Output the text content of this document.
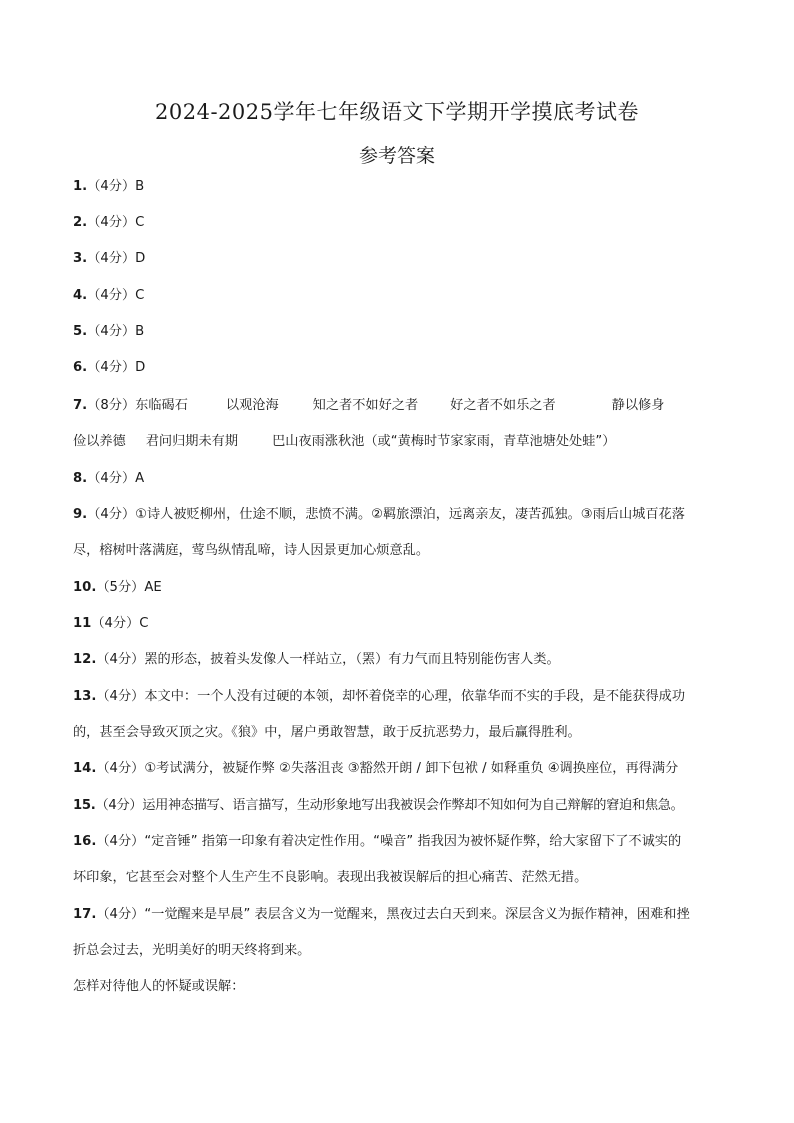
2024-2025学年七年级语文下学期开学摸底考试卷
参考答案
1.（4分）B
2.（4分）C
3.（4分）D
4.（4分）C
5.（4分）B
6.（4分）D
7.（8分）东临碣石	以观沧海	知之者不如好之者 好之者不如乐之者	静以修身
俭以养德 君问归期未有期	巴山夜雨涨秋池（或“黄梅时节家家雨，青草池塘处处蛙”）
8.（4分）A
9.（4分）①诗人被贬柳州，仕途不顺，悲愤不满。②羁旅漂泊，远离亲友，凄苦孤独。③雨后山城百花落
尽，榕树叶落满庭，莺鸟纵情乱啼，诗人因景更加心烦意乱。
10.（5分）AE
11（4分）C
12.（4分）罴的形态，披着头发像人一样站立，（罴）有力气而且特别能伤害人类。
13.（4分）本文中：一个人没有过硬的本领，却怀着侥幸的心理，依靠华而不实的手段，是不能获得成功
的，甚至会导致灭顶之灾。《狼》中，屠户勇敢智慧，敢于反抗恶势力，最后赢得胜利。
14.（4分）①考试满分，被疑作弊 ②失落沮丧 ③豁然开朗 / 卸下包袱 / 如释重负 ④调换座位，再得满分
15.（4分）运用神态描写、语言描写，生动形象地写出我被误会作弊却不知如何为自己辩解的窘迫和焦急。
16.（4分）“定音锤” 指第一印象有着决定性作用。“噪音” 指我因为被怀疑作弊，给大家留下了不诚实的
坏印象，它甚至会对整个人生产生不良影响。表现出我被误解后的担心痛苦、茫然无措。
17.（4分）“一觉醒来是早晨” 表层含义为一觉醒来，黑夜过去白天到来。深层含义为振作精神，困难和挫
折总会过去，光明美好的明天终将到来。
怎样对待他人的怀疑或误解：
